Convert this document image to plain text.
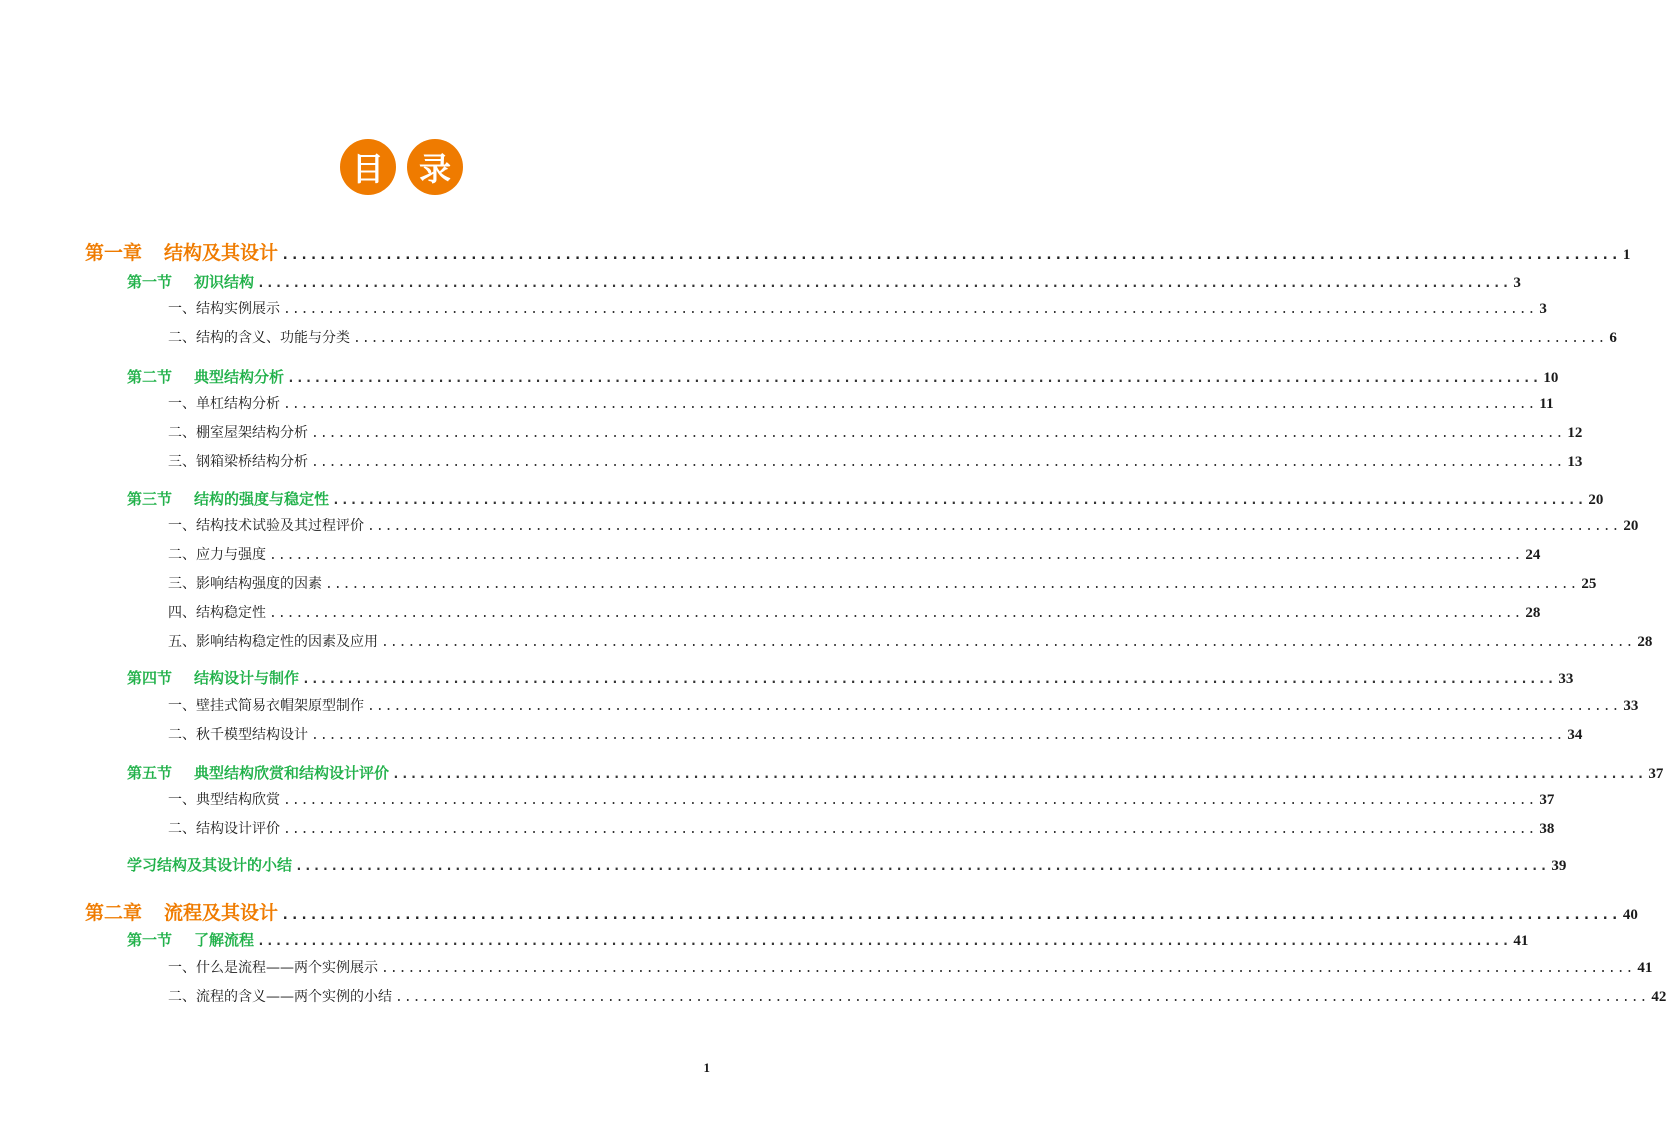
目	录
第一章 结构及其设计 .............................................................................................................................................. 1
第一节 初识结构 .............................................................................................................................................. 3
一、结构实例展示 .............................................................................................................................................. 3
二、结构的含义、功能与分类 .............................................................................................................................................. 6
第二节 典型结构分析 .............................................................................................................................................. 10
一、单杠结构分析 .............................................................................................................................................. 11
二、棚室屋架结构分析 .............................................................................................................................................. 12
三、钢箱梁桥结构分析 .............................................................................................................................................. 13
第三节 结构的强度与稳定性 .............................................................................................................................................. 20
一、结构技术试验及其过程评价 .............................................................................................................................................. 20
二、应力与强度 .............................................................................................................................................. 24
三、影响结构强度的因素 .............................................................................................................................................. 25
四、结构稳定性 .............................................................................................................................................. 28
五、影响结构稳定性的因素及应用 .............................................................................................................................................. 28
第四节 结构设计与制作 .............................................................................................................................................. 33
一、壁挂式简易衣帽架原型制作 .............................................................................................................................................. 33
二、秋千模型结构设计 .............................................................................................................................................. 34
第五节 典型结构欣赏和结构设计评价 .............................................................................................................................................. 37
一、典型结构欣赏 .............................................................................................................................................. 37
二、结构设计评价 .............................................................................................................................................. 38
学习结构及其设计的小结 .............................................................................................................................................. 39
第二章 流程及其设计 .............................................................................................................................................. 40
第一节 了解流程 .............................................................................................................................................. 41
一、什么是流程——两个实例展示 .............................................................................................................................................. 41
二、流程的含义——两个实例的小结 .............................................................................................................................................. 42
1
